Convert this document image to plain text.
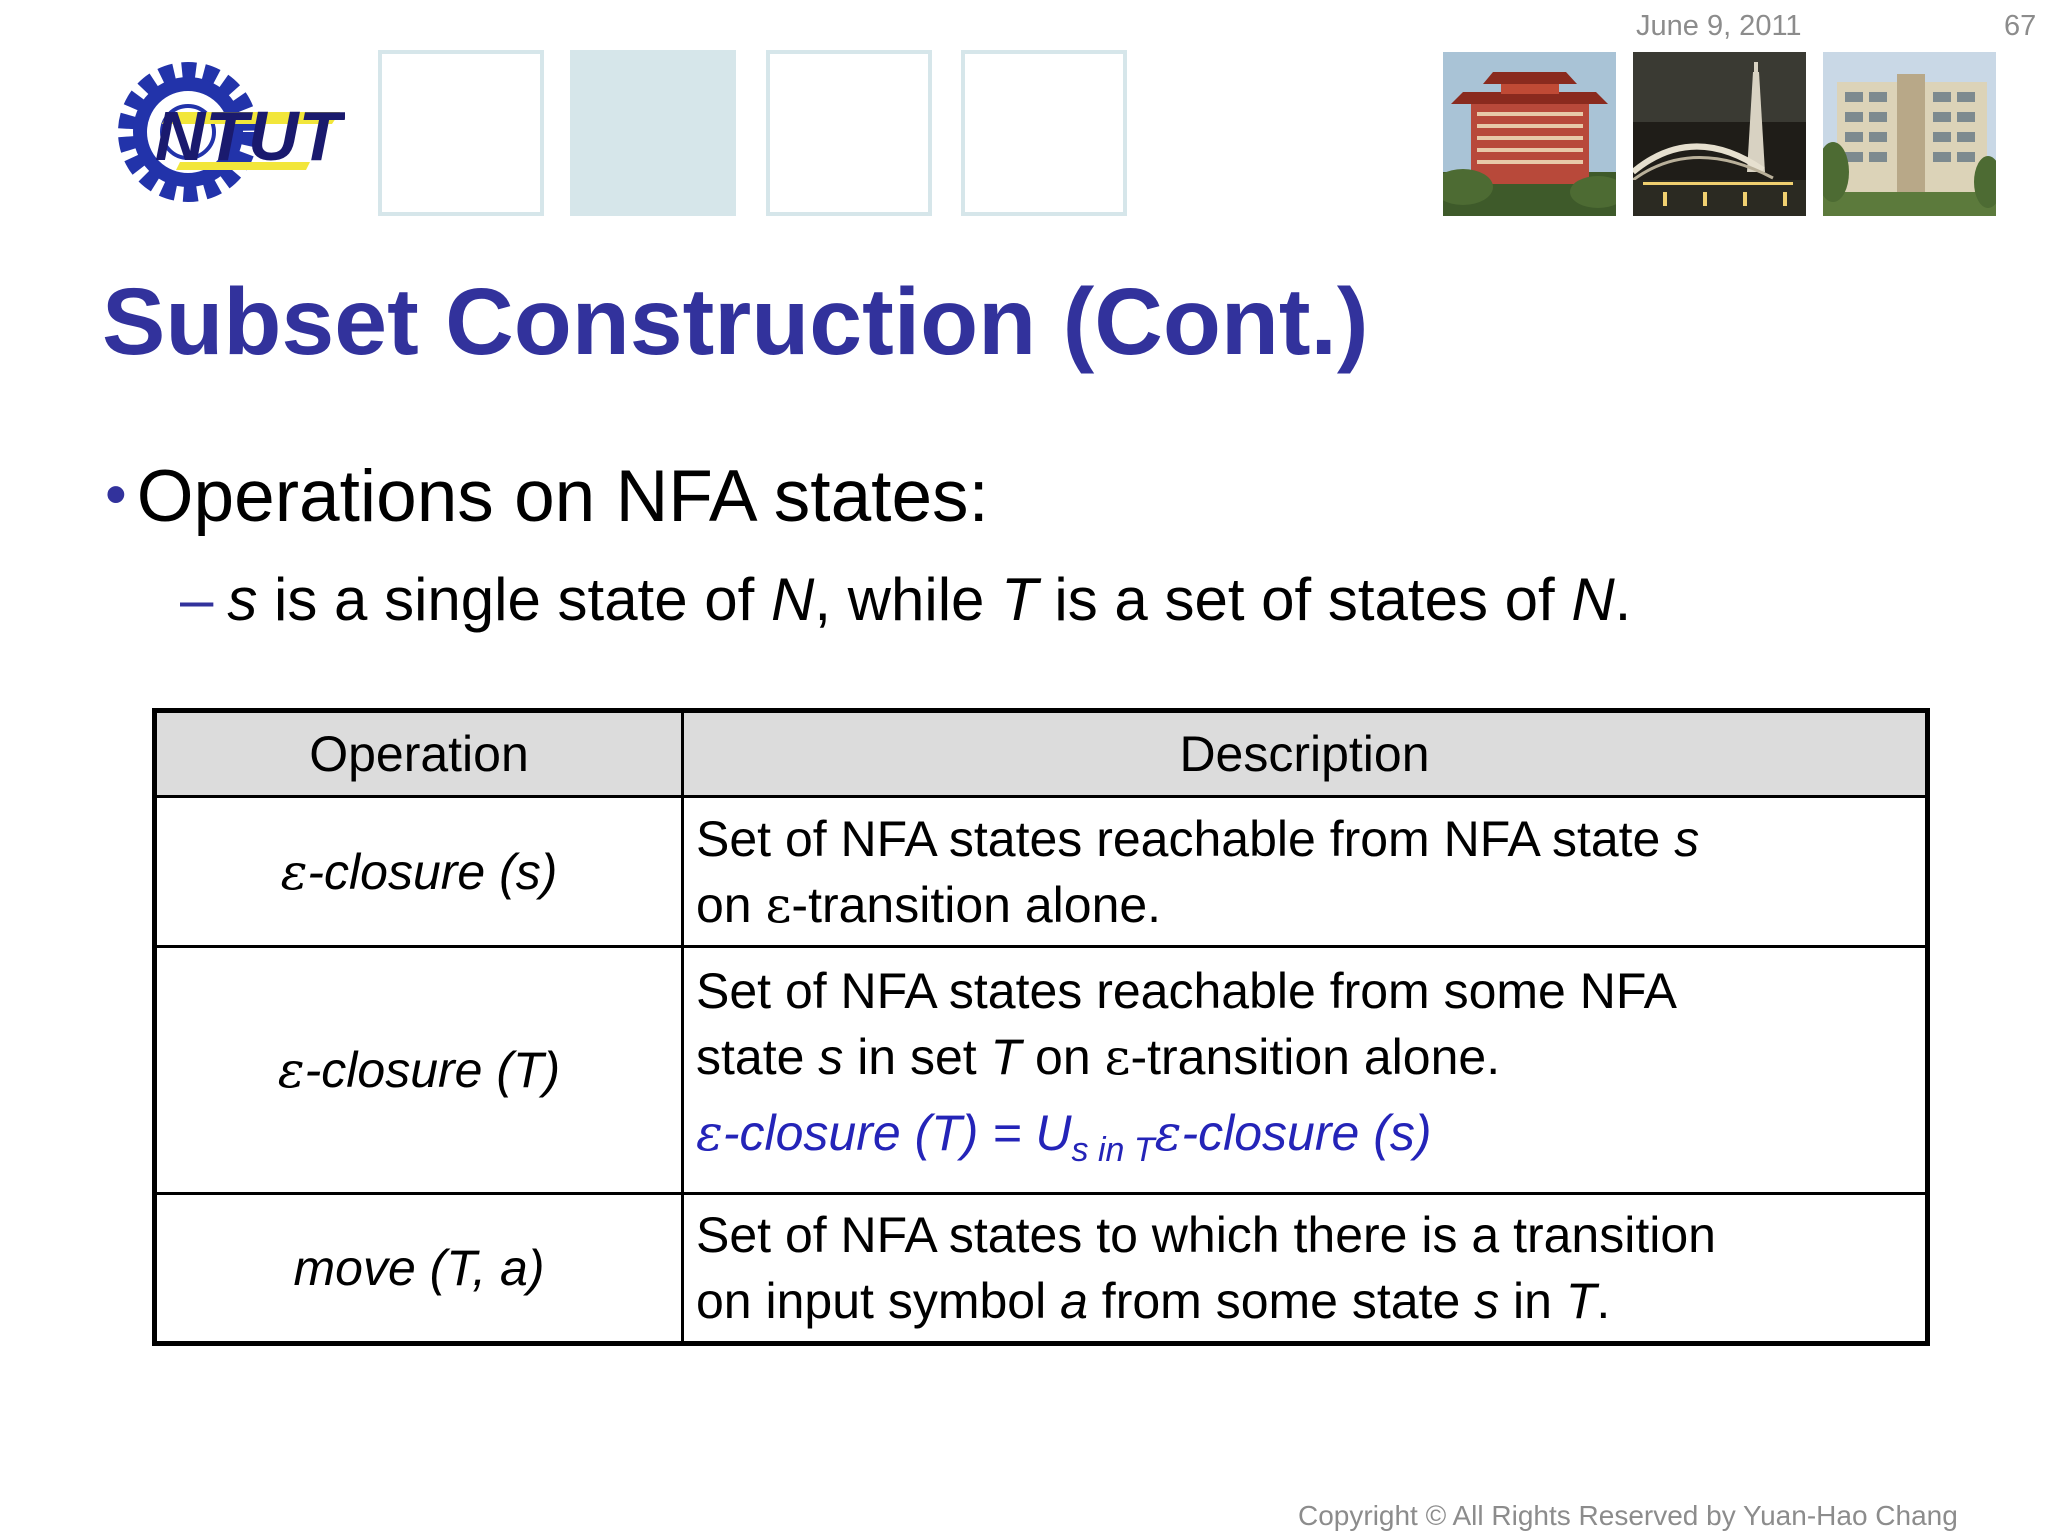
June 9, 2011	67
NTUT
Subset Construction (Cont.)
• Operations on NFA states:
– s is a single state of N, while T is a set of states of N.
Operation	Description
ε-closure (s)	Set of NFA states reachable from NFA state s
on ε-transition alone.
ε-closure (T)	Set of NFA states reachable from some NFA
state s in set T on ε-transition alone.
ε-closure $(T) = U_{s in T}\varepsilon$-closure (s)

move (T, a)	Set of NFA states to which there is a transition
on input symbol a from some state s in T.
Copyright © All Rights Reserved by Yuan-Hao Chang
